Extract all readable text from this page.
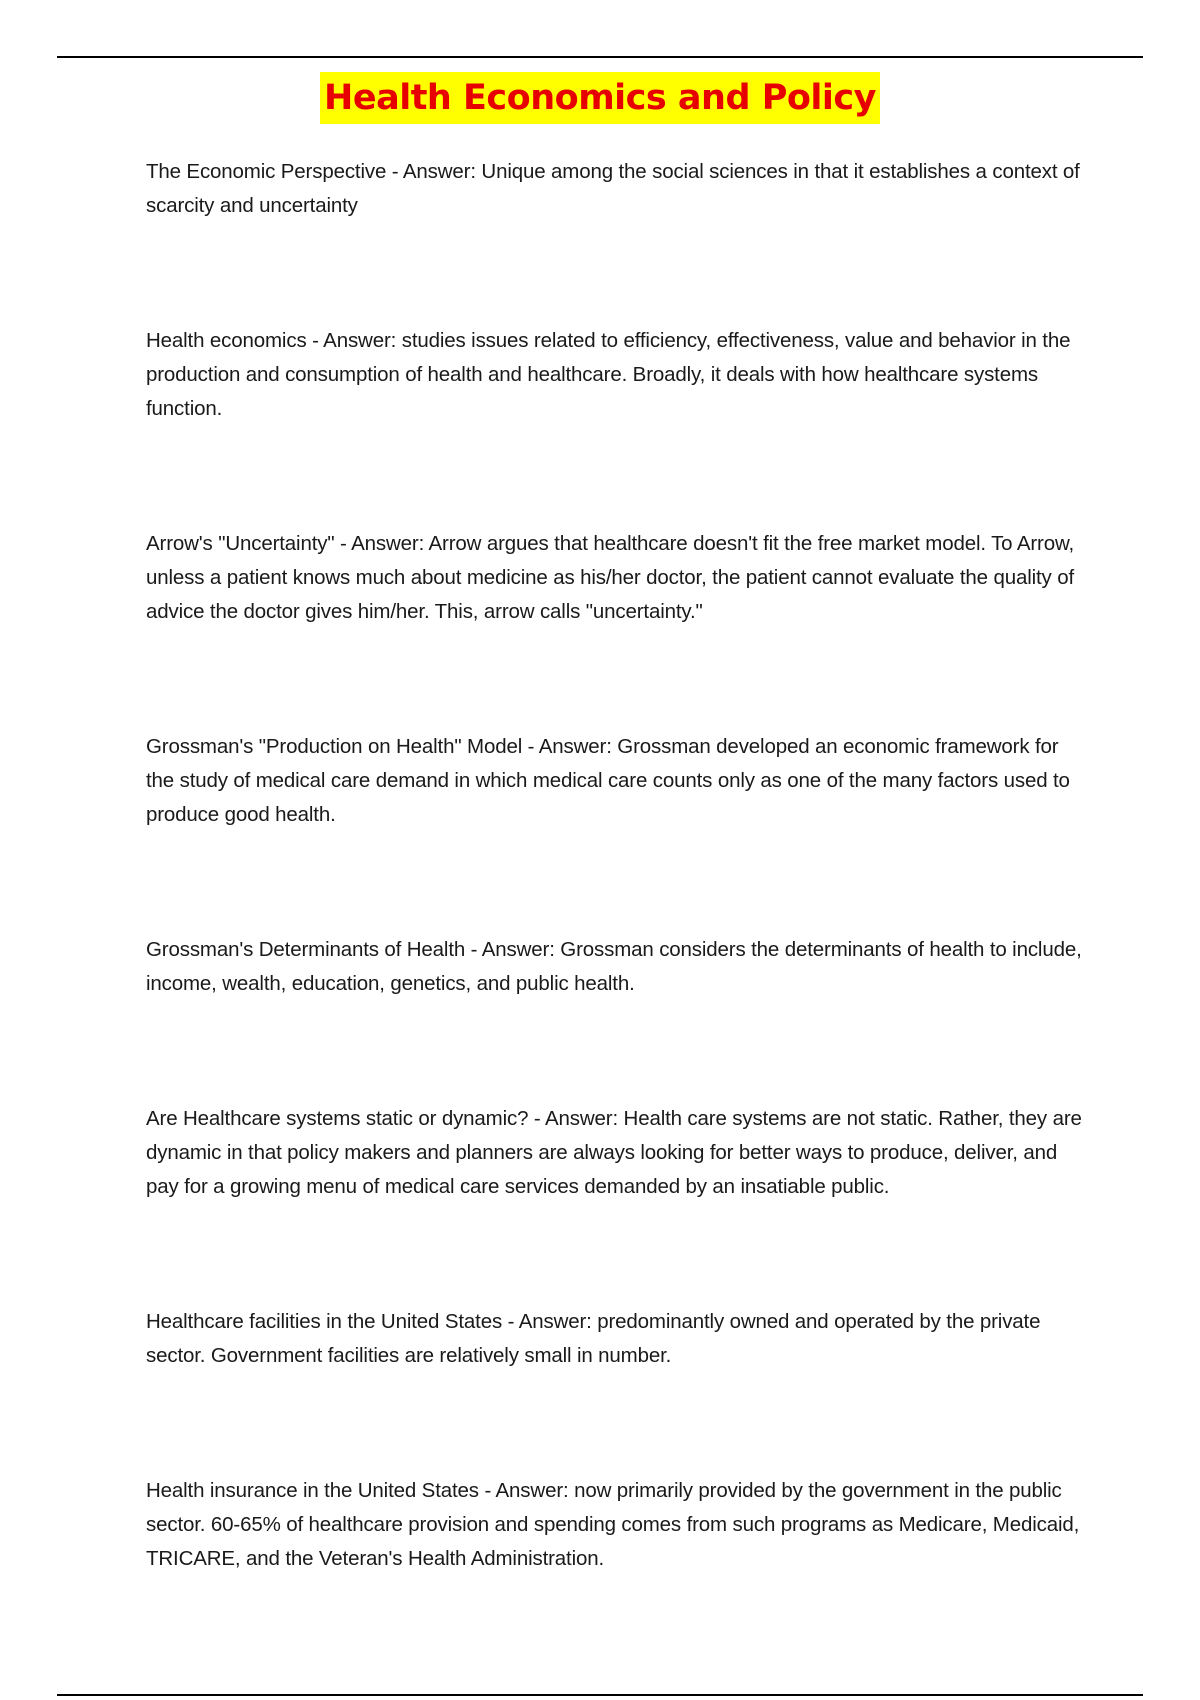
Health Economics and Policy
The Economic Perspective - Answer: Unique among the social sciences in that it establishes a context of scarcity and uncertainty
Health economics - Answer: studies issues related to efficiency, effectiveness, value and behavior in the production and consumption of health and healthcare. Broadly, it deals with how healthcare systems function.
Arrow's "Uncertainty" - Answer: Arrow argues that healthcare doesn't fit the free market model. To Arrow, unless a patient knows much about medicine as his/her doctor, the patient cannot evaluate the quality of advice the doctor gives him/her. This, arrow calls "uncertainty."
Grossman's "Production on Health" Model - Answer: Grossman developed an economic framework for the study of medical care demand in which medical care counts only as one of the many factors used to produce good health.
Grossman's Determinants of Health - Answer: Grossman considers the determinants of health to include, income, wealth, education, genetics, and public health.
Are Healthcare systems static or dynamic? - Answer: Health care systems are not static. Rather, they are dynamic in that policy makers and planners are always looking for better ways to produce, deliver, and pay for a growing menu of medical care services demanded by an insatiable public.
Healthcare facilities in the United States - Answer: predominantly owned and operated by the private sector. Government facilities are relatively small in number.
Health insurance in the United States - Answer: now primarily provided by the government in the public sector. 60-65% of healthcare provision and spending comes from such programs as Medicare, Medicaid, TRICARE, and the Veteran's Health Administration.
